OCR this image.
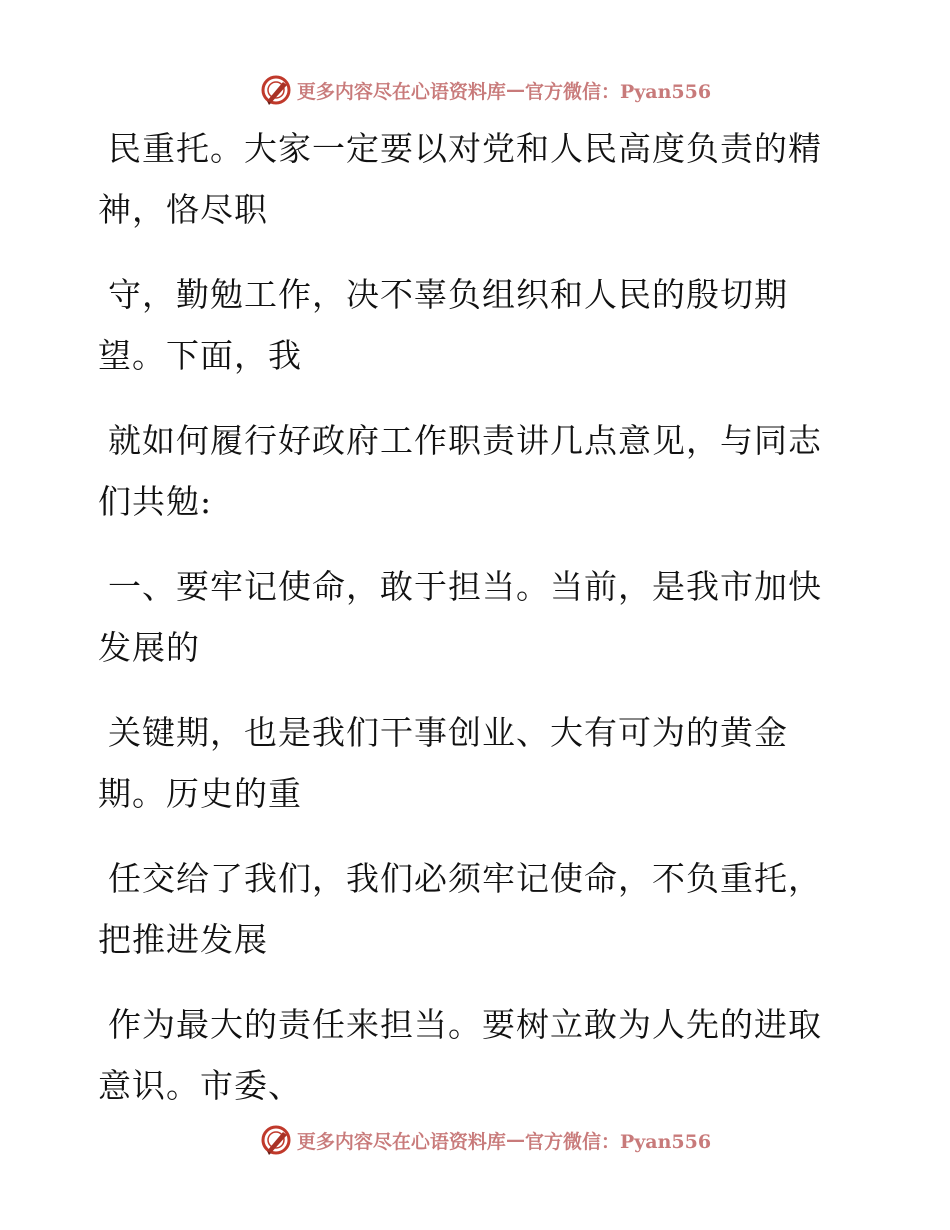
更多内容尽在心语资料库 — 官方微信：Pyan556

民重托。大家一定要以对党和人民高度负责的精
神，恪尽职

守，勤勉工作，决不辜负组织和人民的殷切期
望。下面，我

就如何履行好政府工作职责讲几点意见，与同志
们共勉:

一、要牢记使命，敢于担当。当前，是我市加快
发展的

关键期，也是我们干事创业、大有可为的黄金
期。历史的重

任交给了我们，我们必须牢记使命，不负重托，
把推进发展

作为最大的责任来担当。要树立敢为人先的进取
意识。市委、

更多内容尽在心语资料库 — 官方微信：Pyan556
